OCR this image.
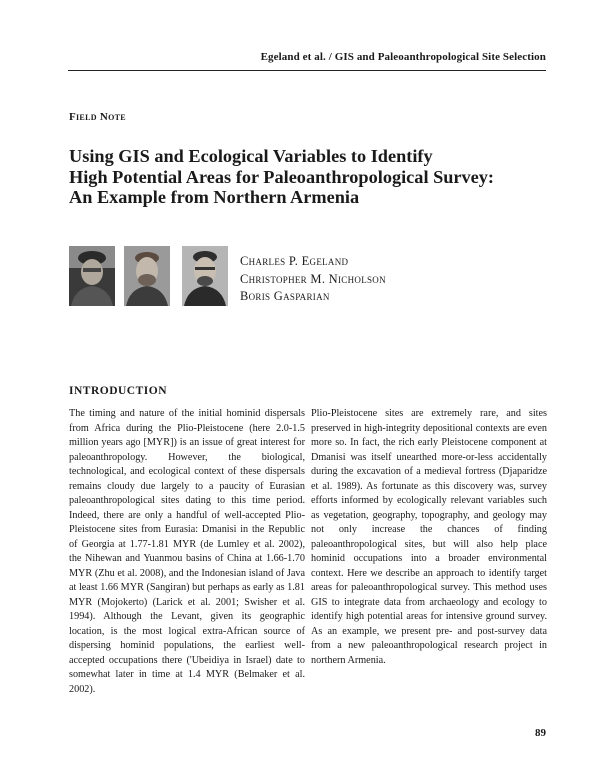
Egeland et al. / GIS and Paleoanthropological Site Selection
Field Note
Using GIS and Ecological Variables to Identify
High Potential Areas for Paleoanthropological Survey:
An Example from Northern Armenia
Charles P. Egeland
Christopher M. Nicholson
Boris Gasparian
INTRODUCTION
The timing and nature of the initial hominid dispersals from Africa during the Plio-Pleistocene (here 2.0-1.5 million years ago [MYR]) is an issue of great interest for paleoanthropology. However, the biological, technological, and ecological context of these dispersals remains cloudy due largely to a paucity of Eurasian paleoanthropological sites dating to this time period. Indeed, there are only a handful of well-accepted Plio-Pleistocene sites from Eurasia: Dmanisi in the Republic of Georgia at 1.77-1.81 MYR (de Lumley et al. 2002), the Nihewan and Yuanmou basins of China at 1.66-1.70 MYR (Zhu et al. 2008), and the Indonesian island of Java at least 1.66 MYR (Sangiran) but perhaps as early as 1.81 MYR (Mojokerto) (Larick et al. 2001; Swisher et al. 1994). Although the Levant, given its geographic location, is the most logical extra-African source of dispersing hominid populations, the earliest well-accepted occupations there ('Ubeidiya in Israel) date to somewhat later in time at 1.4 MYR (Belmaker et al. 2002).
Plio-Pleistocene sites are extremely rare, and sites preserved in high-integrity depositional contexts are even more so. In fact, the rich early Pleistocene component at Dmanisi was itself unearthed more-or-less accidentally during the excavation of a medieval fortress (Djaparidze et al. 1989). As fortunate as this discovery was, survey efforts informed by ecologically relevant variables such as vegetation, geography, topography, and geology may not only increase the chances of finding paleoanthropological sites, but will also help place hominid occupations into a broader environmental context. Here we describe an approach to identify target areas for paleoanthropological survey. This method uses GIS to integrate data from archaeology and ecology to identify high potential areas for intensive ground survey. As an example, we present pre- and post-survey data from a new paleoanthropological research project in northern Armenia.
89
